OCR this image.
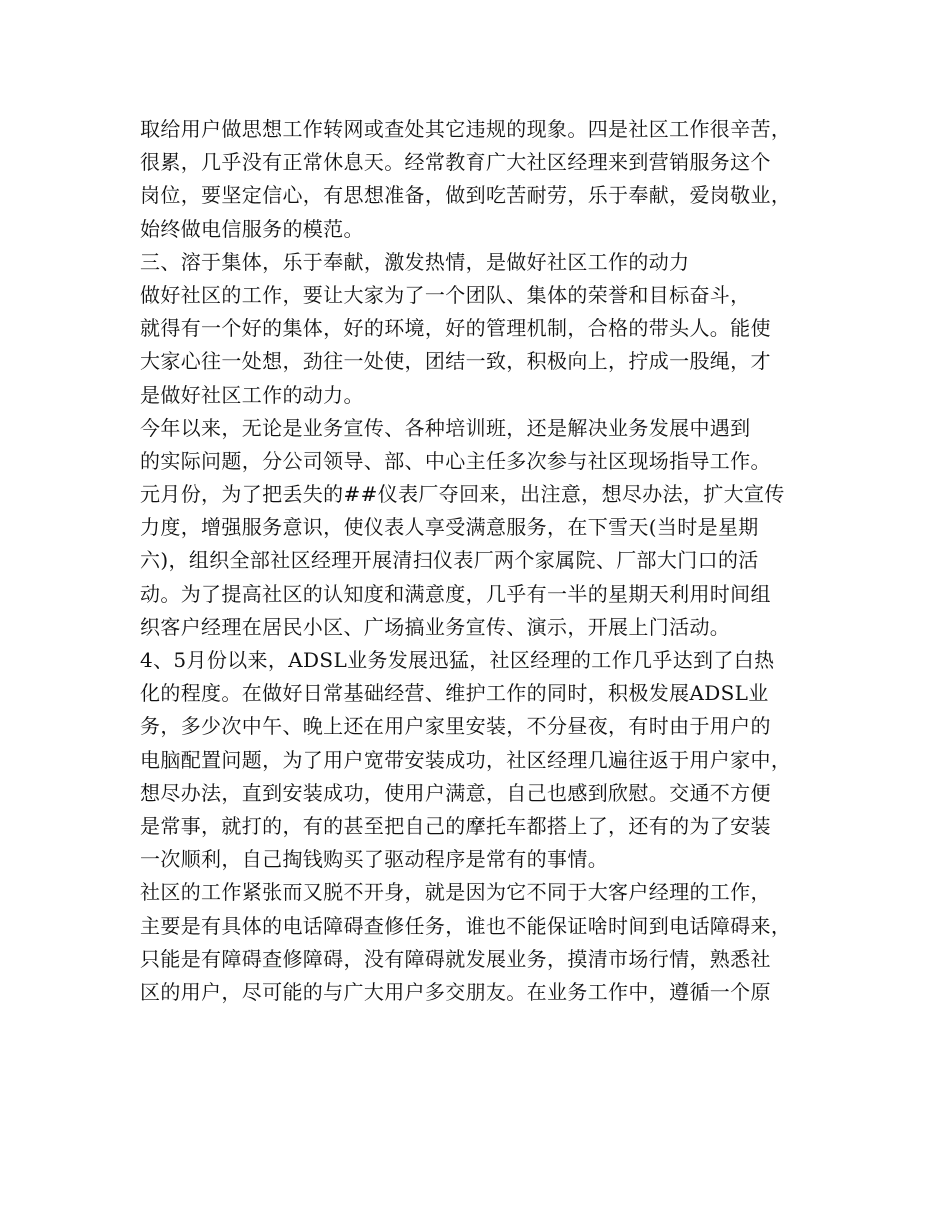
取给用户做思想工作转网或查处其它违规的现象。四是社区工作很辛苦，
很累，几乎没有正常休息天。经常教育广大社区经理来到营销服务这个
岗位，要坚定信心，有思想准备，做到吃苦耐劳，乐于奉献，爱岗敬业，
始终做电信服务的模范。
三、溶于集体，乐于奉献，激发热情，是做好社区工作的动力
做好社区的工作，要让大家为了一个团队、集体的荣誉和目标奋斗，
就得有一个好的集体，好的环境，好的管理机制，合格的带头人。能使
大家心往一处想，劲往一处使，团结一致，积极向上，拧成一股绳，才
是做好社区工作的动力。
今年以来，无论是业务宣传、各种培训班，还是解决业务发展中遇到
的实际问题，分公司领导、部、中心主任多次参与社区现场指导工作。
元月份，为了把丢失的##仪表厂夺回来，出注意，想尽办法，扩大宣传
力度，增强服务意识，使仪表人享受满意服务，在下雪天(当时是星期
六)，组织全部社区经理开展清扫仪表厂两个家属院、厂部大门口的活
动。为了提高社区的认知度和满意度，几乎有一半的星期天利用时间组
织客户经理在居民小区、广场搞业务宣传、演示，开展上门活动。
4、5月份以来，ADSL业务发展迅猛，社区经理的工作几乎达到了白热
化的程度。在做好日常基础经营、维护工作的同时，积极发展ADSL业
务，多少次中午、晚上还在用户家里安装，不分昼夜，有时由于用户的
电脑配置问题，为了用户宽带安装成功，社区经理几遍往返于用户家中，
想尽办法，直到安装成功，使用户满意，自己也感到欣慰。交通不方便
是常事，就打的，有的甚至把自己的摩托车都搭上了，还有的为了安装
一次顺利，自己掏钱购买了驱动程序是常有的事情。
社区的工作紧张而又脱不开身，就是因为它不同于大客户经理的工作，
主要是有具体的电话障碍查修任务，谁也不能保证啥时间到电话障碍来，
只能是有障碍查修障碍，没有障碍就发展业务，摸清市场行情，熟悉社
区的用户，尽可能的与广大用户多交朋友。在业务工作中，遵循一个原
